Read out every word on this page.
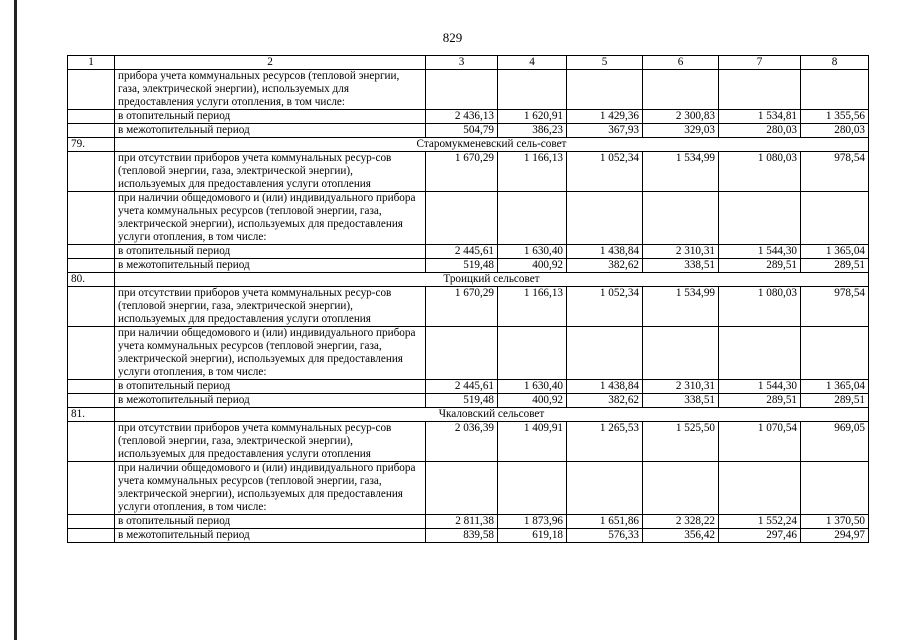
829
1	2	3	4	5	6	7	8
	прибора учета коммунальных ресурсов (тепловой энергии, газа, электрической энергии), используемых для предоставления услуги отопления, в том числе:						
	в отопительный период	2 436,13	1 620,91	1 429,36	2 300,83	1 534,81	1 355,56
	в межотопительный период	504,79	386,23	367,93	329,03	280,03	280,03
79.	Старомукменевский сель-совет						
	при отсутствии приборов учета коммунальных ресур-сов (тепловой энергии, газа, электрической энергии), используемых для предоставления услуги отопления	1 670,29	1 166,13	1 052,34	1 534,99	1 080,03	978,54
	при наличии общедомового и (или) индивидуального прибора учета коммунальных ресурсов (тепловой энергии, газа, электрической энергии), используемых для предоставления услуги отопления, в том числе:						
	в отопительный период	2 445,61	1 630,40	1 438,84	2 310,31	1 544,30	1 365,04
	в межотопительный период	519,48	400,92	382,62	338,51	289,51	289,51
80.	Троицкий сельсовет						
	при отсутствии приборов учета коммунальных ресур-сов (тепловой энергии, газа, электрической энергии), используемых для предоставления услуги отопления	1 670,29	1 166,13	1 052,34	1 534,99	1 080,03	978,54
	при наличии общедомового и (или) индивидуального прибора учета коммунальных ресурсов (тепловой энергии, газа, электрической энергии), используемых для предоставления услуги отопления, в том числе:						
	в отопительный период	2 445,61	1 630,40	1 438,84	2 310,31	1 544,30	1 365,04
	в межотопительный период	519,48	400,92	382,62	338,51	289,51	289,51
81.	Чкаловский сельсовет						
	при отсутствии приборов учета коммунальных ресур-сов (тепловой энергии, газа, электрической энергии), используемых для предоставления услуги отопления	2 036,39	1 409,91	1 265,53	1 525,50	1 070,54	969,05
	при наличии общедомового и (или) индивидуального прибора учета коммунальных ресурсов (тепловой энергии, газа, электрической энергии), используемых для предоставления услуги отопления, в том числе:						
	в отопительный период	2 811,38	1 873,96	1 651,86	2 328,22	1 552,24	1 370,50
	в межотопительный период	839,58	619,18	576,33	356,42	297,46	294,97
